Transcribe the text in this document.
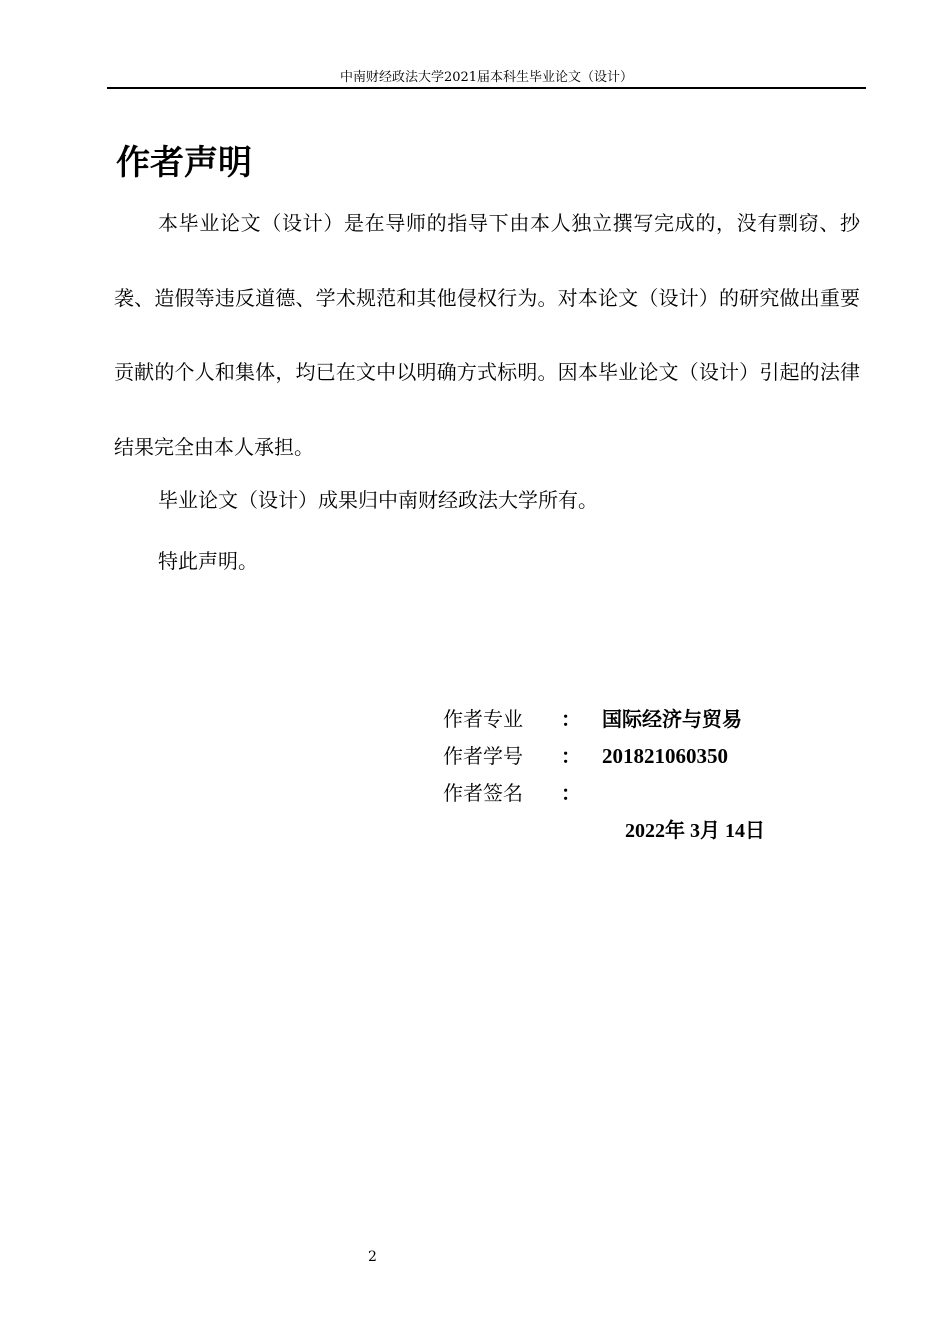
中南财经政法大学2021届本科生毕业论文（设计）
作者声明

本毕业论文（设计）是在导师的指导下由本人独立撰写完成的，没有剽窃、抄袭、造假等违反道德、学术规范和其他侵权行为。对本论文（设计）的研究做出重要贡献的个人和集体，均已在文中以明确方式标明。因本毕业论文（设计）引起的法律结果完全由本人承担。

毕业论文（设计）成果归中南财经政法大学所有。

特此声明。

作者专业 ： 国际经济与贸易
作者学号 ： 201821060350
作者签名 ：
2022年 3月 14日
2
